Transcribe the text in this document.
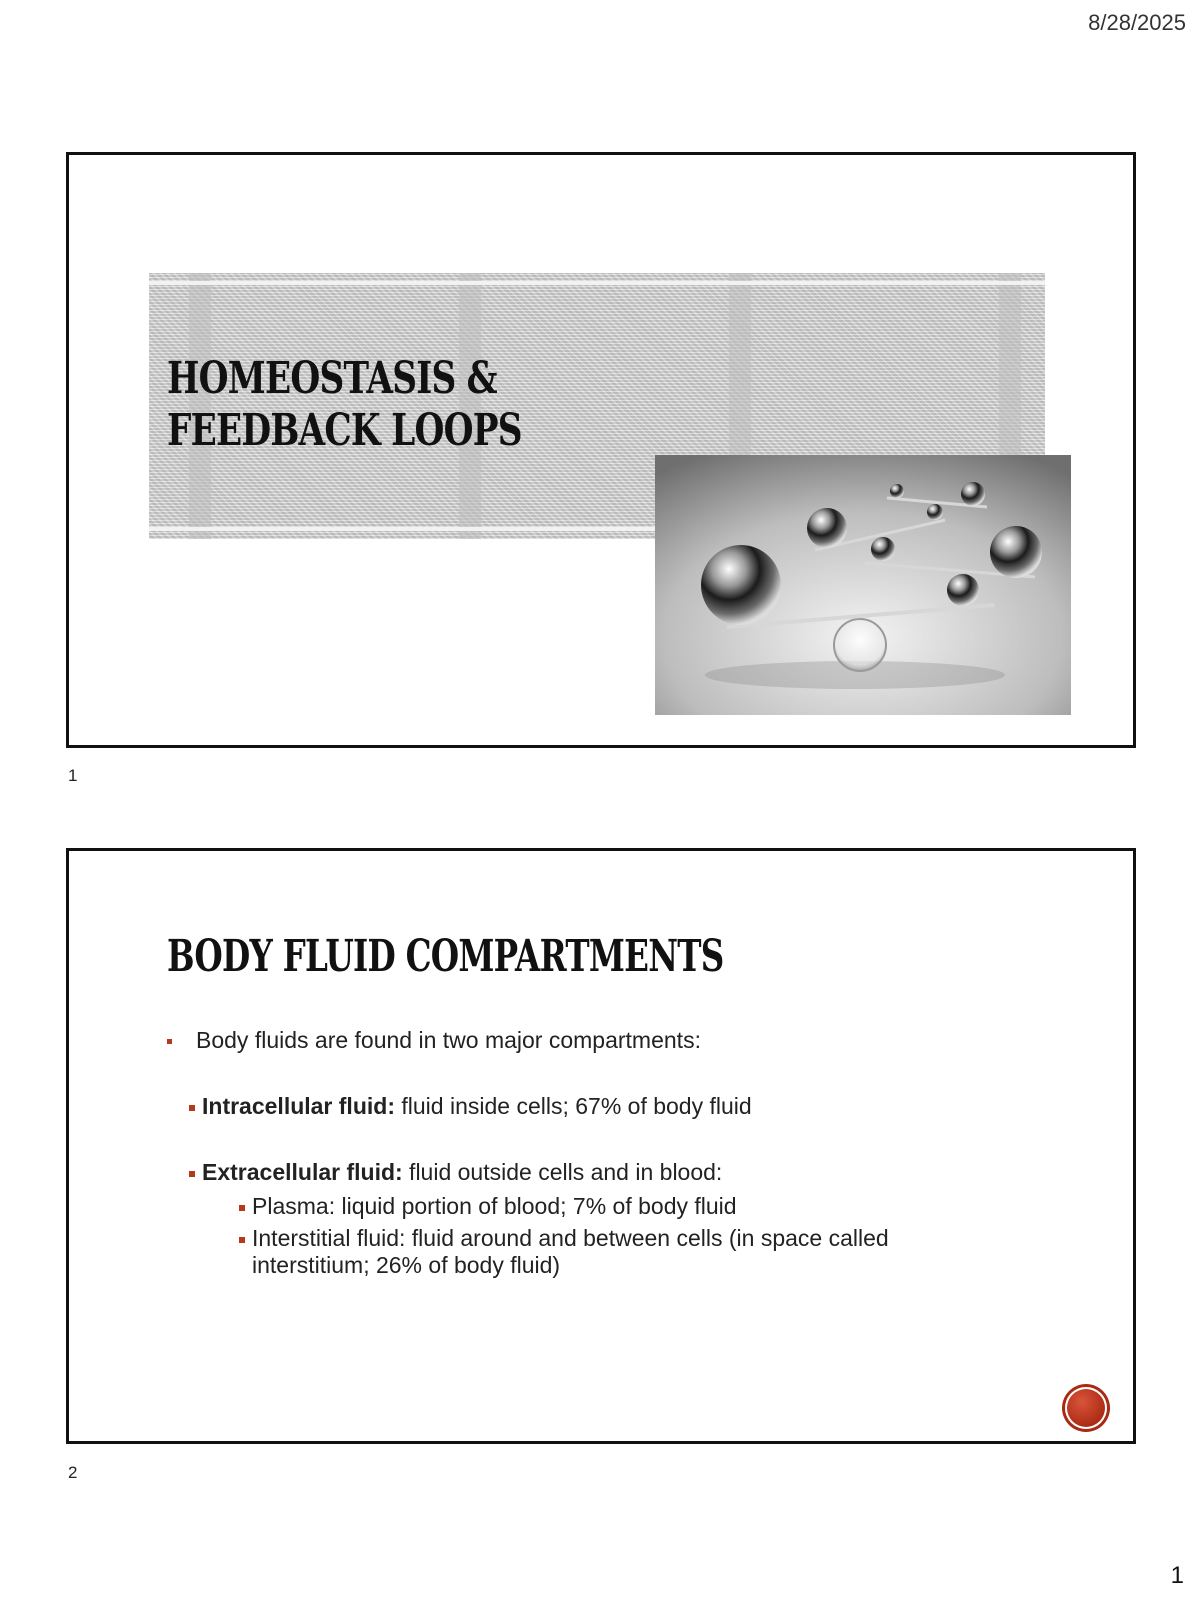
8/28/2025
HOMEOSTASIS &
FEEDBACK LOOPS
1
BODY FLUID COMPARTMENTS
Body fluids are found in two major compartments:
Intracellular fluid: fluid inside cells; 67% of body fluid
Extracellular fluid: fluid outside cells and in blood:
Plasma: liquid portion of blood; 7% of body fluid
Interstitial fluid: fluid around and between cells (in space called
interstitium; 26% of body fluid)
2
1
